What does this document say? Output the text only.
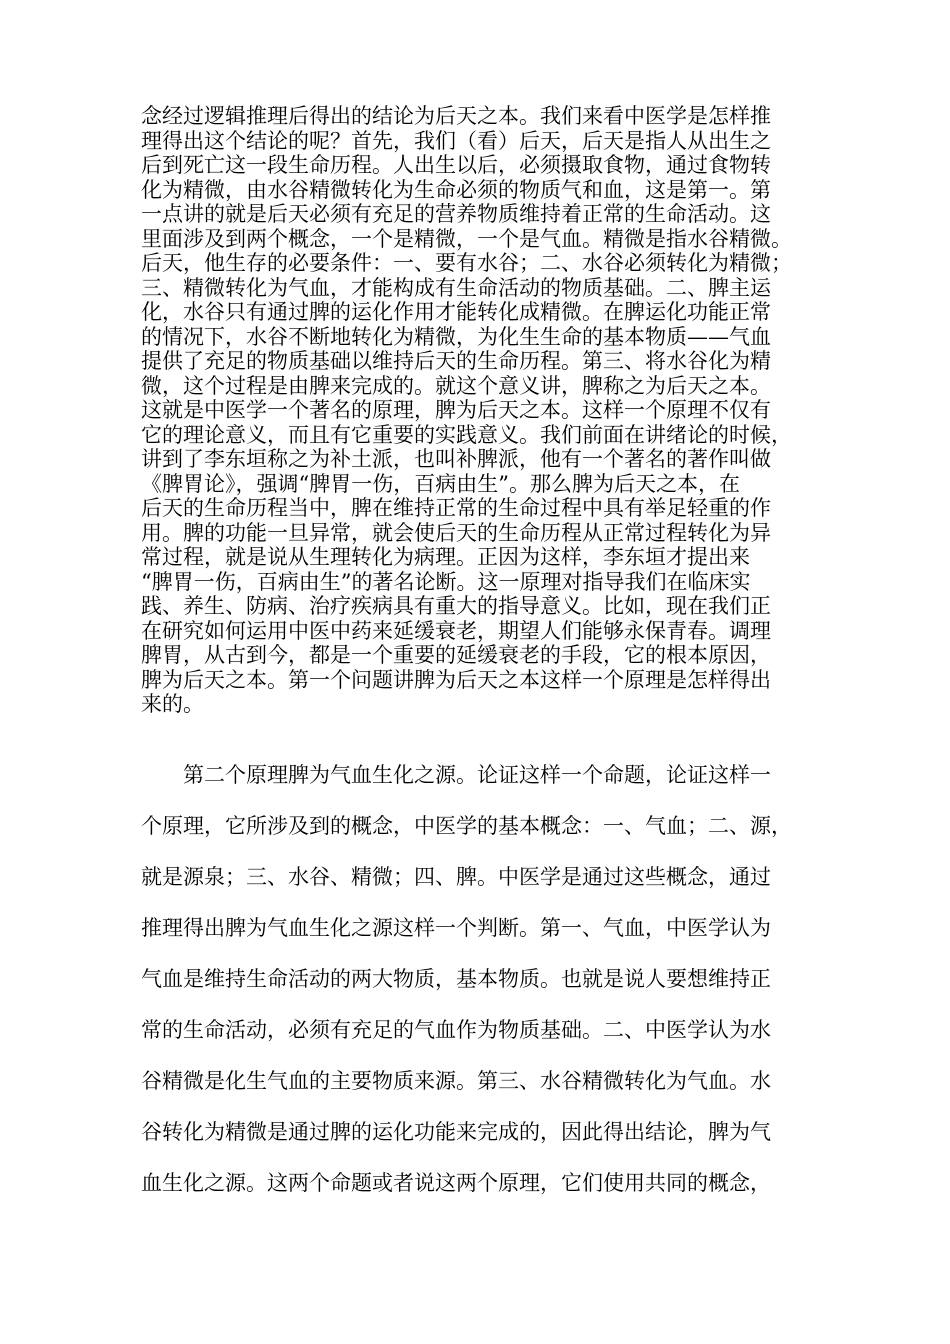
念经过逻辑推理后得出的结论为后天之本。我们来看中医学是怎样推
理得出这个结论的呢？首先，我们（看）后天，后天是指人从出生之
后到死亡这一段生命历程。人出生以后，必须摄取食物，通过食物转
化为精微，由水谷精微转化为生命必须的物质气和血，这是第一。第
一点讲的就是后天必须有充足的营养物质维持着正常的生命活动。这
里面涉及到两个概念，一个是精微，一个是气血。精微是指水谷精微。
后天，他生存的必要条件：一、要有水谷；二、水谷必须转化为精微；
三、精微转化为气血，才能构成有生命活动的物质基础。二、脾主运
化，水谷只有通过脾的运化作用才能转化成精微。在脾运化功能正常
的情况下，水谷不断地转化为精微，为化生生命的基本物质——气血
提供了充足的物质基础以维持后天的生命历程。第三、将水谷化为精
微，这个过程是由脾来完成的。就这个意义讲，脾称之为后天之本。
这就是中医学一个著名的原理，脾为后天之本。这样一个原理不仅有
它的理论意义，而且有它重要的实践意义。我们前面在讲绪论的时候，
讲到了李东垣称之为补土派，也叫补脾派，他有一个著名的著作叫做
《脾胃论》，强调“脾胃一伤，百病由生”。那么脾为后天之本，在
后天的生命历程当中，脾在维持正常的生命过程中具有举足轻重的作
用。脾的功能一旦异常，就会使后天的生命历程从正常过程转化为异
常过程，就是说从生理转化为病理。正因为这样，李东垣才提出来
“脾胃一伤，百病由生”的著名论断。这一原理对指导我们在临床实
践、养生、防病、治疗疾病具有重大的指导意义。比如，现在我们正
在研究如何运用中医中药来延缓衰老，期望人们能够永保青春。调理
脾胃，从古到今，都是一个重要的延缓衰老的手段，它的根本原因，
脾为后天之本。第一个问题讲脾为后天之本这样一个原理是怎样得出
来的。
第二个原理脾为气血生化之源。论证这样一个命题，论证这样一
个原理，它所涉及到的概念，中医学的基本概念：一、气血；二、源，
就是源泉；三、水谷、精微；四、脾。中医学是通过这些概念，通过
推理得出脾为气血生化之源这样一个判断。第一、气血，中医学认为
气血是维持生命活动的两大物质，基本物质。也就是说人要想维持正
常的生命活动，必须有充足的气血作为物质基础。二、中医学认为水
谷精微是化生气血的主要物质来源。第三、水谷精微转化为气血。水
谷转化为精微是通过脾的运化功能来完成的，因此得出结论，脾为气
血生化之源。这两个命题或者说这两个原理，它们使用共同的概念，
